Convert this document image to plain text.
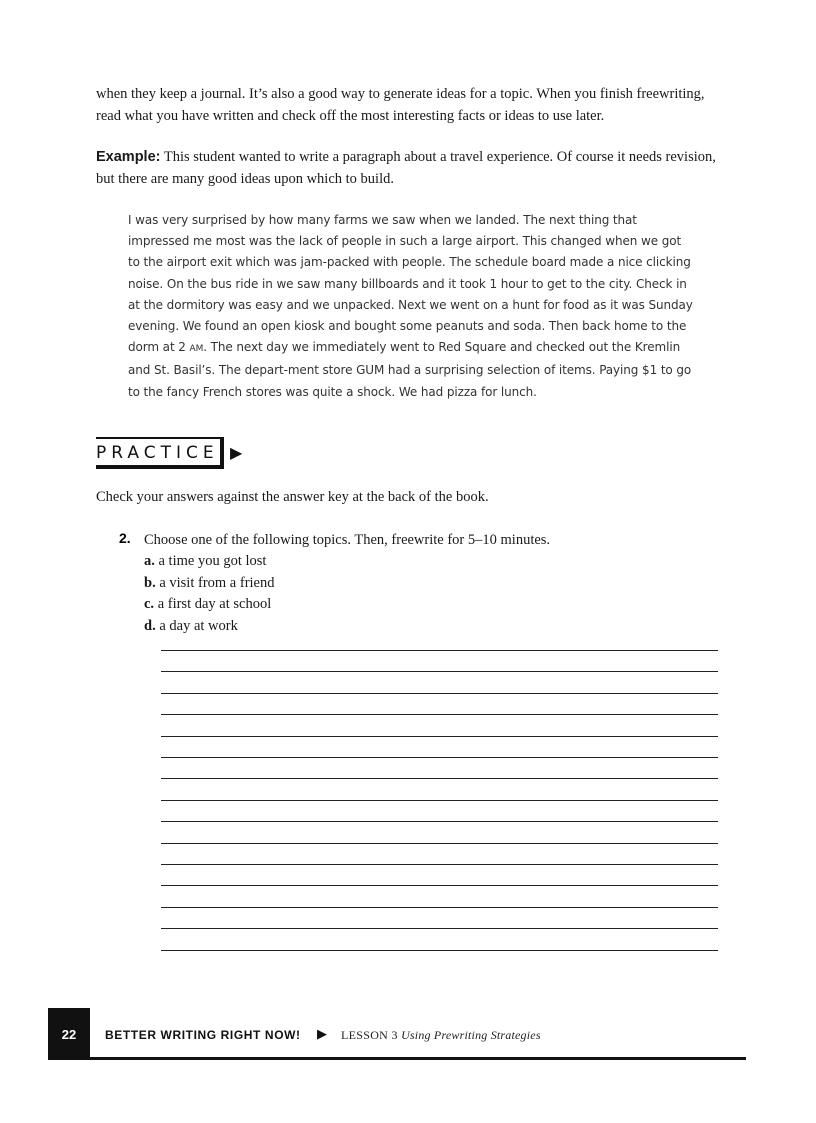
when they keep a journal. It’s also a good way to generate ideas for a topic. When you finish freewriting, read what you have written and check off the most interesting facts or ideas to use later.
Example: This student wanted to write a paragraph about a travel experience. Of course it needs revision, but there are many good ideas upon which to build.
I was very surprised by how many farms we saw when we landed. The next thing that impressed me most was the lack of people in such a large airport. This changed when we got to the airport exit which was jam-packed with people. The schedule board made a nice clicking noise. On the bus ride in we saw many billboards and it took 1 hour to get to the city. Check in at the dormitory was easy and we unpacked. Next we went on a hunt for food as it was Sunday evening. We found an open kiosk and bought some peanuts and soda. Then back home to the dorm at 2 AM. The next day we immediately went to Red Square and checked out the Kremlin and St. Basil’s. The depart-ment store GUM had a surprising selection of items. Paying $1 to go to the fancy French stores was quite a shock. We had pizza for lunch.
PRACTICE ▶
Check your answers against the answer key at the back of the book.
2. Choose one of the following topics. Then, freewrite for 5–10 minutes.
a. a time you got lost
b. a visit from a friend
c. a first day at school
d. a day at work
22	BETTER WRITING RIGHT NOW! ▶ LESSON 3 Using Prewriting Strategies
